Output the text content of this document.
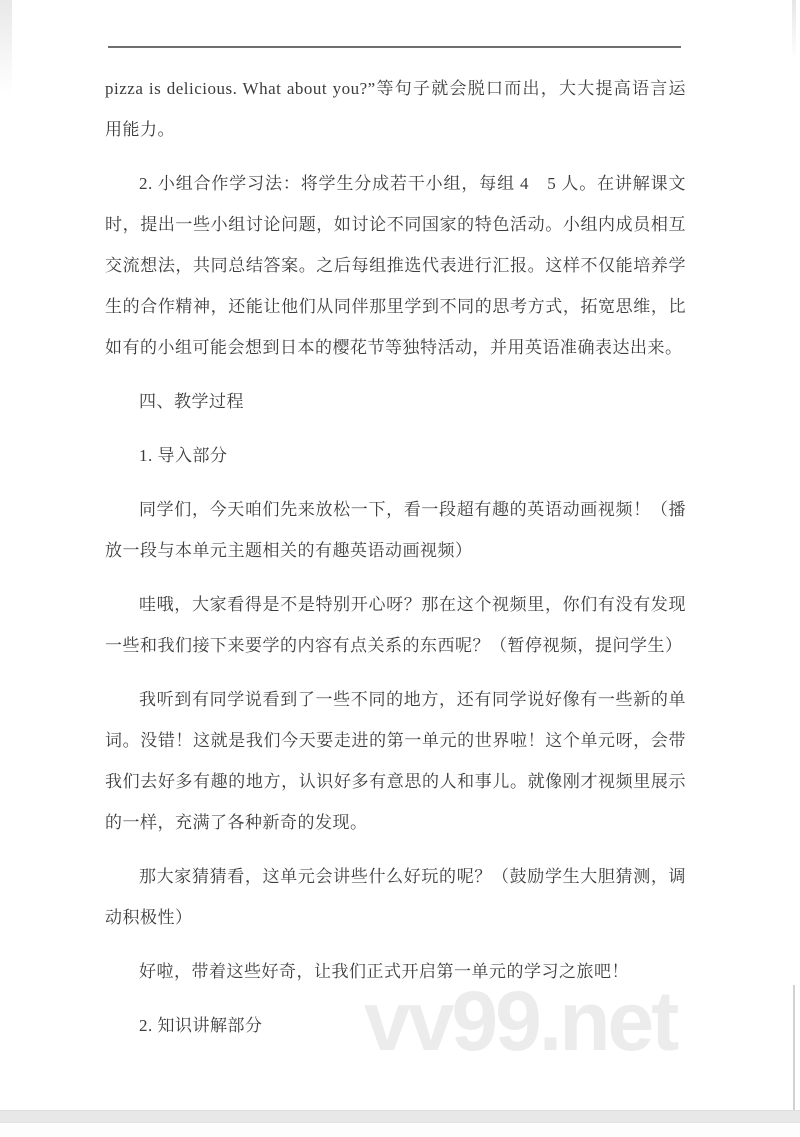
pizza is delicious. What about you?”等句子就会脱口而出，大大提高语言运用能力。

2. 小组合作学习法：将学生分成若干小组，每组 4　5 人。在讲解课文时，提出一些小组讨论问题，如讨论不同国家的特色活动。小组内成员相互交流想法，共同总结答案。之后每组推选代表进行汇报。这样不仅能培养学生的合作精神，还能让他们从同伴那里学到不同的思考方式，拓宽思维，比如有的小组可能会想到日本的樱花节等独特活动，并用英语准确表达出来。

四、教学过程

1. 导入部分

同学们，今天咱们先来放松一下，看一段超有趣的英语动画视频！（播放一段与本单元主题相关的有趣英语动画视频）

哇哦，大家看得是不是特别开心呀？那在这个视频里，你们有没有发现一些和我们接下来要学的内容有点关系的东西呢？（暂停视频，提问学生）

我听到有同学说看到了一些不同的地方，还有同学说好像有一些新的单词。没错！这就是我们今天要走进的第一单元的世界啦！这个单元呀，会带我们去好多有趣的地方，认识好多有意思的人和事儿。就像刚才视频里展示的一样，充满了各种新奇的发现。

那大家猜猜看，这单元会讲些什么好玩的呢？（鼓励学生大胆猜测，调动积极性）

好啦，带着这些好奇，让我们正式开启第一单元的学习之旅吧！

2. 知识讲解部分	vv99.net
